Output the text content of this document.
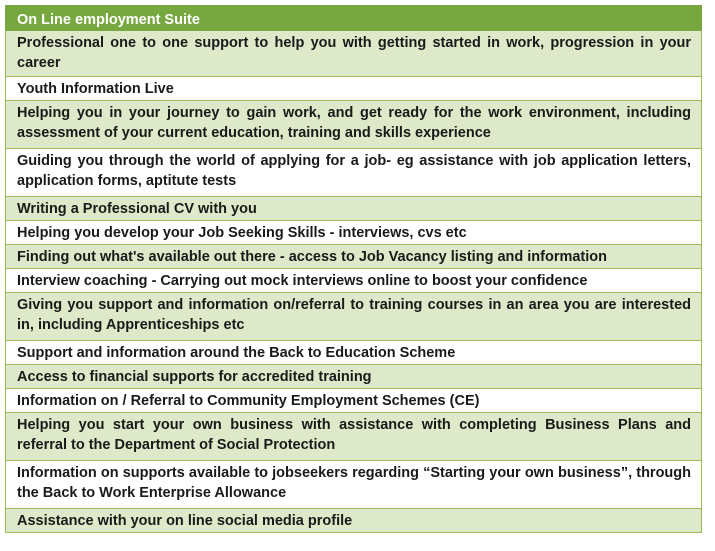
On Line employment Suite
Professional one to one support to help you with getting started in work, progression in your career
Youth Information Live
Helping you in your journey to gain work, and get ready for the work environment, including assessment of your current education, training and skills experience
Guiding you through the world of applying for a job- eg assistance with job application letters, application forms, aptitute tests
Writing a Professional CV with you
Helping you develop your Job Seeking Skills - interviews, cvs etc
Finding out what's available out there - access to Job Vacancy listing and information
Interview coaching - Carrying out mock interviews online to boost your confidence
Giving you support and information on/referral to training courses in an area you are interested in, including Apprenticeships etc
Support and information around the Back to Education Scheme
Access to financial supports for accredited training
Information on / Referral to Community Employment Schemes (CE)
Helping you start your own business with assistance with completing Business Plans and referral to the Department of Social Protection
Information on supports available to jobseekers regarding “Starting your own business”, through the Back to Work Enterprise Allowance
Assistance with your on line social media profile
